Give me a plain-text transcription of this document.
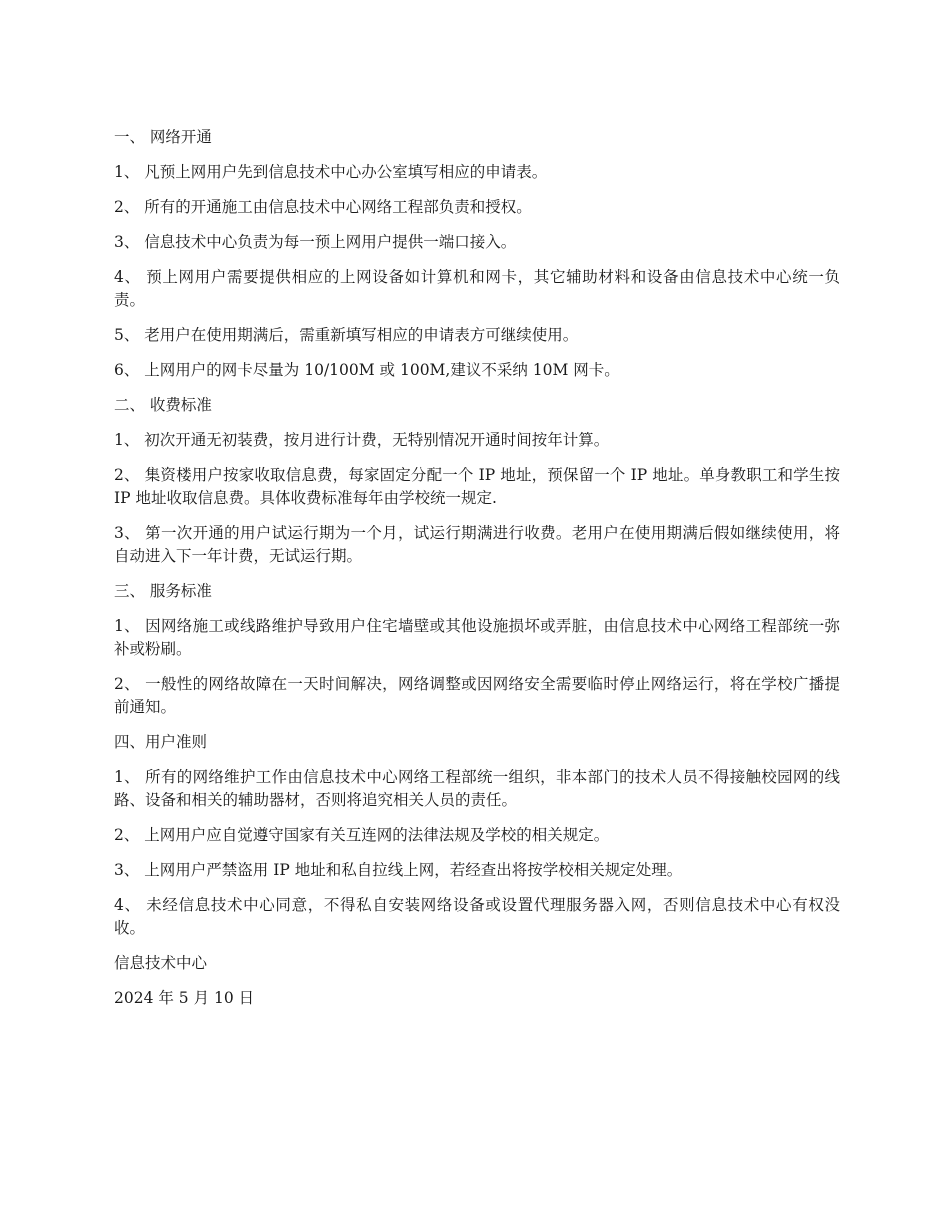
一、 网络开通

1、 凡预上网用户先到信息技术中心办公室填写相应的申请表。

2、 所有的开通施工由信息技术中心网络工程部负责和授权。

3、 信息技术中心负责为每一预上网用户提供一端口接入。

4、 预上网用户需要提供相应的上网设备如计算机和网卡，其它辅助材料和设备由信息技术中心统一负责。

5、 老用户在使用期满后，需重新填写相应的申请表方可继续使用。

6、 上网用户的网卡尽量为 10/100M 或 100M,建议不采纳 10M 网卡。

二、 收费标准

1、 初次开通无初装费，按月进行计费，无特别情况开通时间按年计算。

2、 集资楼用户按家收取信息费，每家固定分配一个 IP 地址，预保留一个 IP 地址。单身教职工和学生按 IP 地址收取信息费。具体收费标准每年由学校统一规定.

3、 第一次开通的用户试运行期为一个月，试运行期满进行收费。老用户在使用期满后假如继续使用，将自动进入下一年计费，无试运行期。

三、 服务标准

1、 因网络施工或线路维护导致用户住宅墙壁或其他设施损坏或弄脏，由信息技术中心网络工程部统一弥补或粉刷。

2、 一般性的网络故障在一天时间解决，网络调整或因网络安全需要临时停止网络运行，将在学校广播提前通知。

四、用户准则

1、 所有的网络维护工作由信息技术中心网络工程部统一组织，非本部门的技术人员不得接触校园网的线路、设备和相关的辅助器材，否则将追究相关人员的责任。

2、 上网用户应自觉遵守国家有关互连网的法律法规及学校的相关规定。

3、 上网用户严禁盗用 IP 地址和私自拉线上网，若经查出将按学校相关规定处理。

4、 未经信息技术中心同意，不得私自安装网络设备或设置代理服务器入网，否则信息技术中心有权没收。

信息技术中心

2024 年 5 月 10 日
